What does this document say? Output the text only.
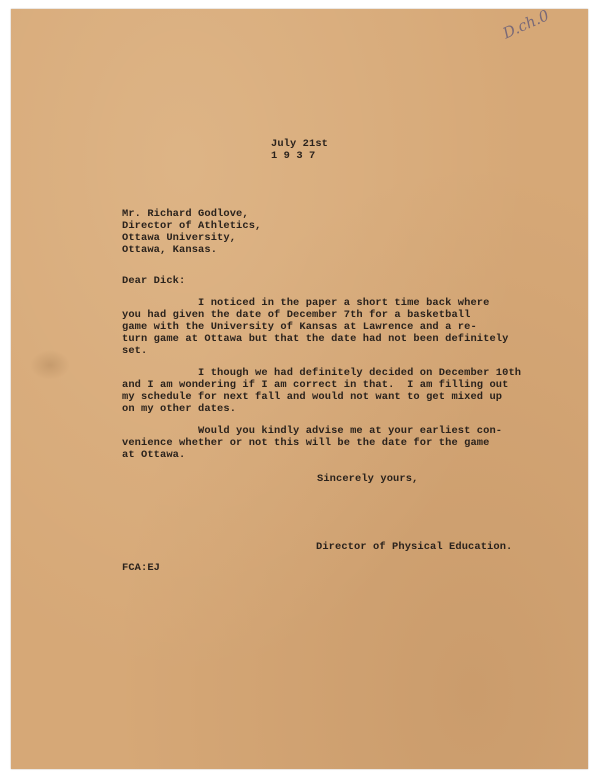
D.ch.0
July 21st
1 9 3 7
Mr. Richard Godlove,
Director of Athletics,
Ottawa University,
Ottawa, Kansas.
Dear Dick:
I noticed in the paper a short time back where
you had given the date of December 7th for a basketball
game with the University of Kansas at Lawrence and a re-
turn game at Ottawa but that the date had not been definitely
set.
I though we had definitely decided on December 10th
and I am wondering if I am correct in that.  I am filling out
my schedule for next fall and would not want to get mixed up
on my other dates.
Would you kindly advise me at your earliest con-
venience whether or not this will be the date for the game
at Ottawa.
Sincerely yours,
Director of Physical Education.
FCA:EJ
